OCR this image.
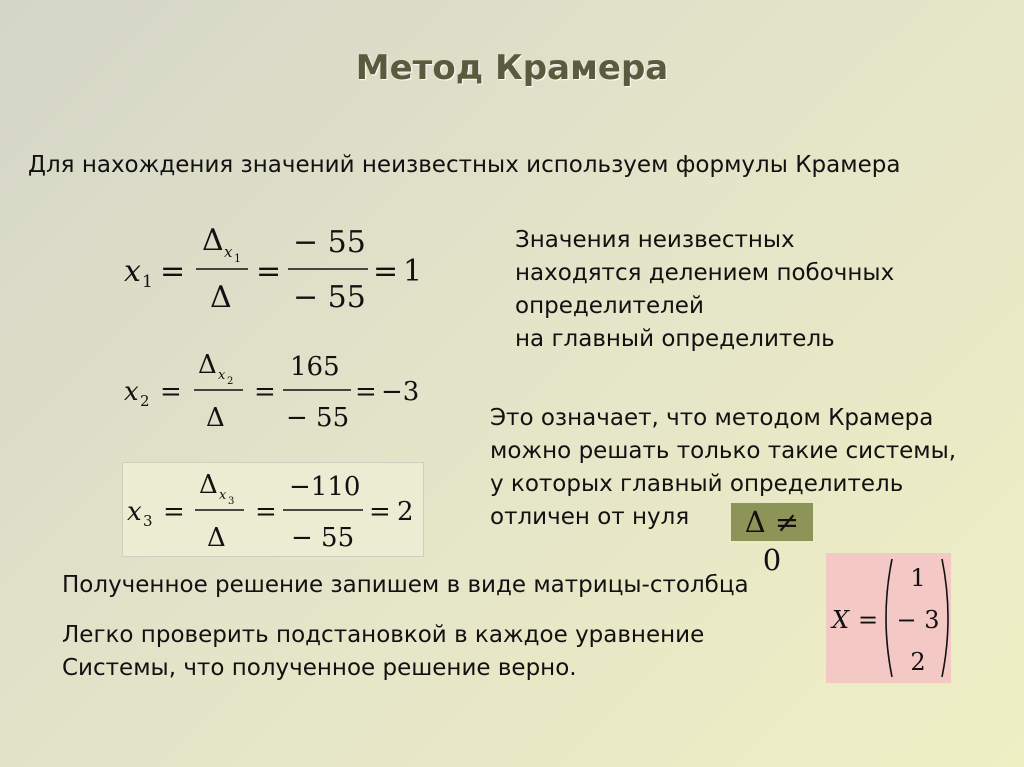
Метод Крамера
Для нахождения значений неизвестных используем формулы Крамера
x 1 =
Δ x 1
Δ
=
− 55
− 55
= 1
x 2 =
Δ x 2
Δ
=
165
− 55
= −3
x 3 =
Δ x 3
Δ
=
−110
− 55
= 2
Значения неизвестных
находятся делением побочных
определителей
на главный определитель
Это означает, что методом Крамера
можно решать только такие системы,
у которых главный определитель
отличен от нуля	Δ ≠ 0
Полученное решение запишем в виде матрицы-столбца
Легко проверить подстановкой в каждое уравнение
Системы, что полученное решение верно.
X =
1
− 3
2
